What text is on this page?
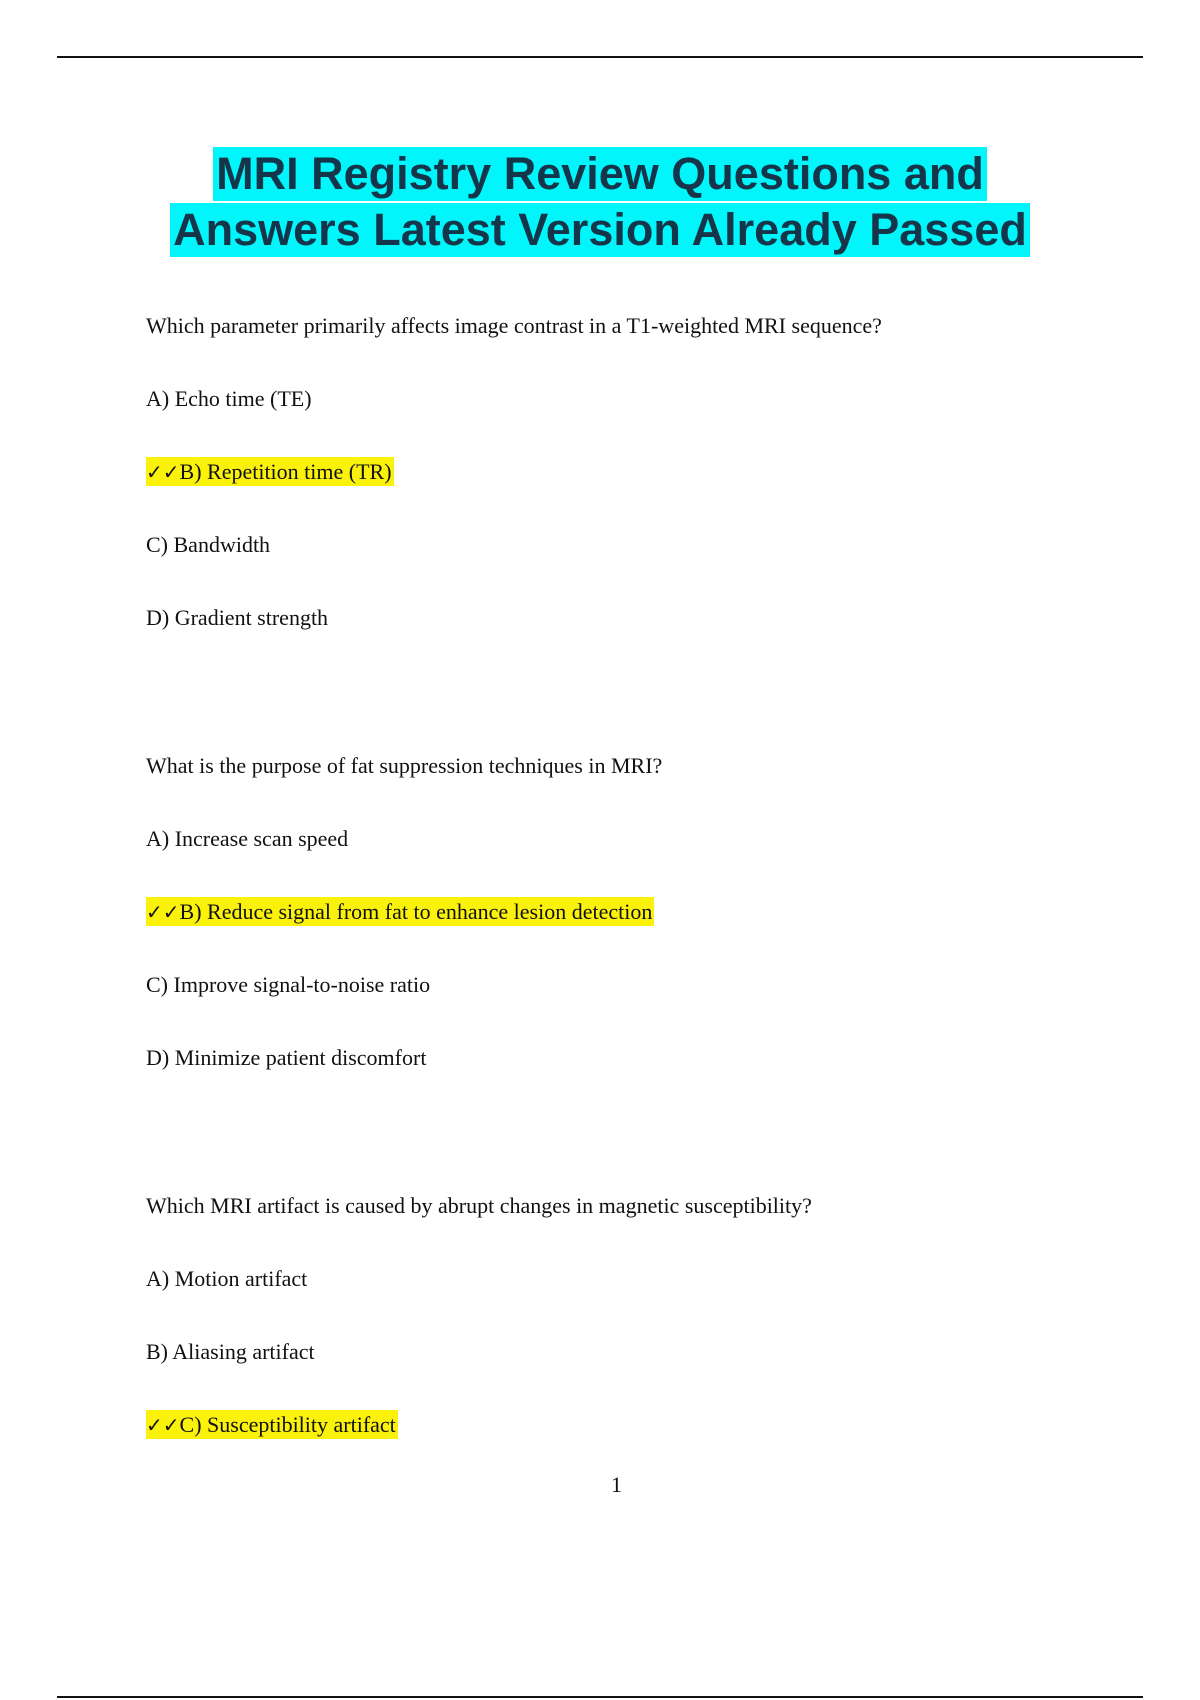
MRI Registry Review Questions and
Answers Latest Version Already Passed
Which parameter primarily affects image contrast in a T1-weighted MRI sequence?
A) Echo time (TE)
✓✓B) Repetition time (TR)
C) Bandwidth
D) Gradient strength
What is the purpose of fat suppression techniques in MRI?
A) Increase scan speed
✓✓B) Reduce signal from fat to enhance lesion detection
C) Improve signal-to-noise ratio
D) Minimize patient discomfort
Which MRI artifact is caused by abrupt changes in magnetic susceptibility?
A) Motion artifact
B) Aliasing artifact
✓✓C) Susceptibility artifact
1
